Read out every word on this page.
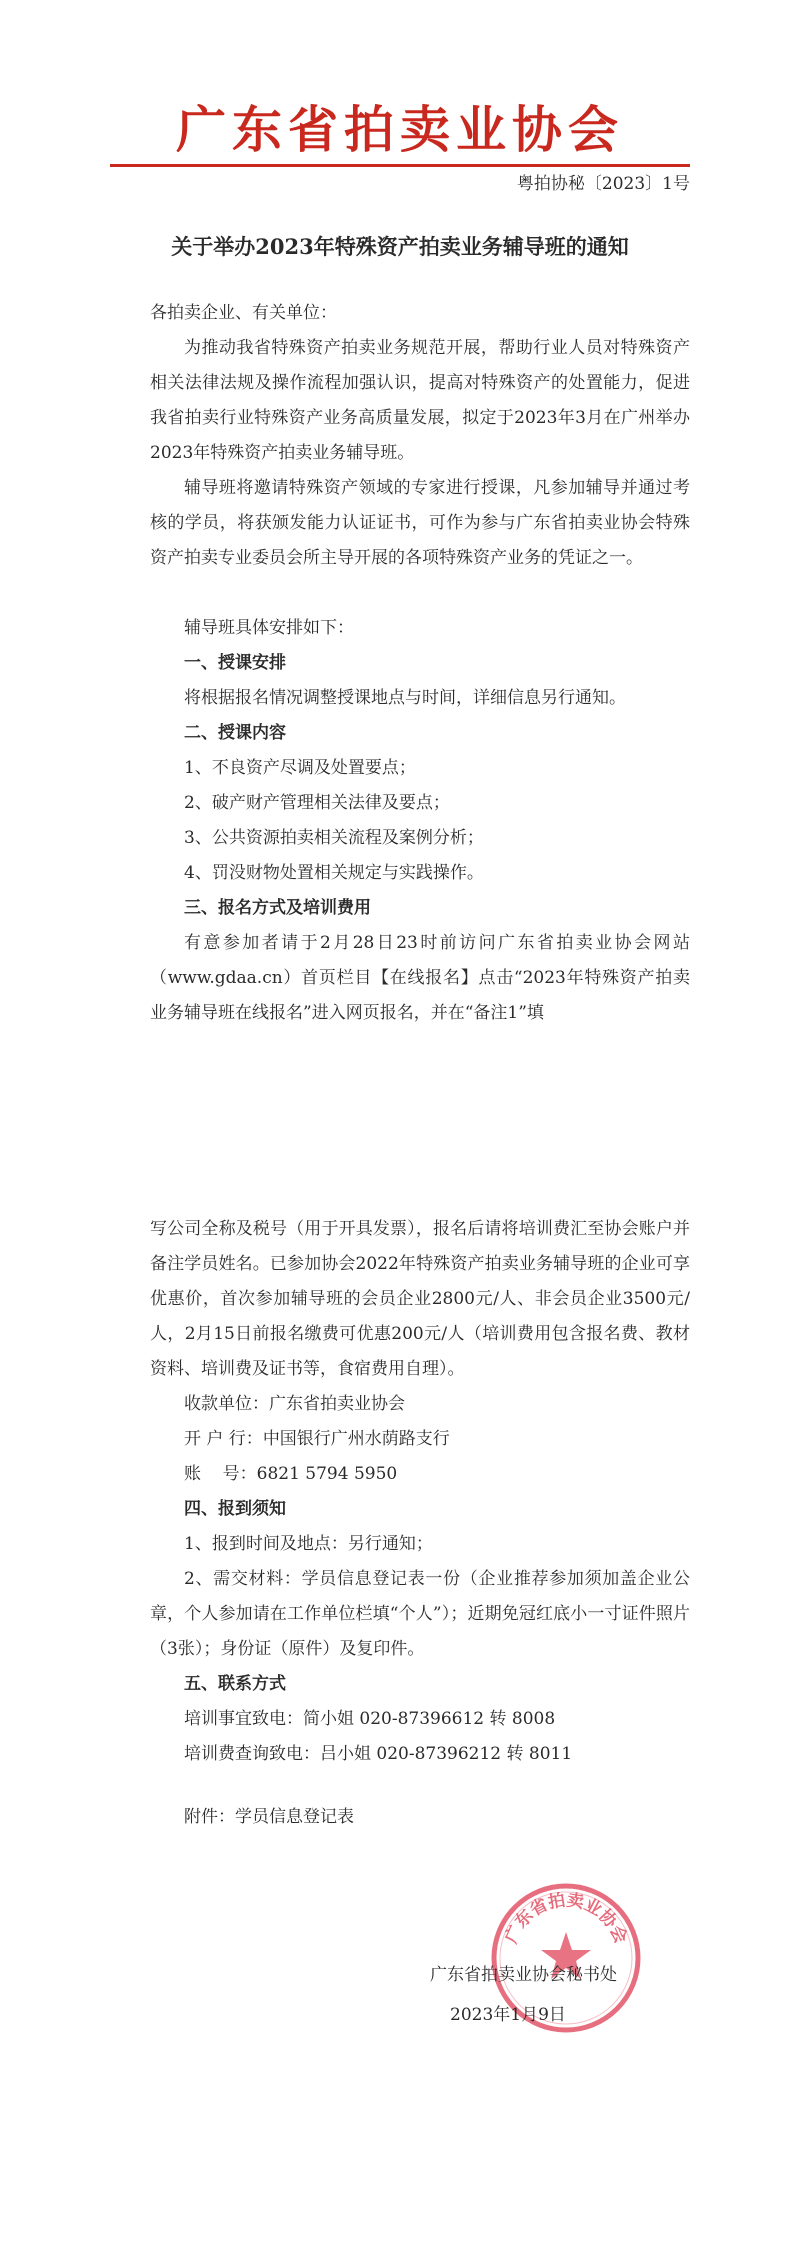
广东省拍卖业协会
粤拍协秘〔2023〕1号
关于举办2023年特殊资产拍卖业务辅导班的通知
各拍卖企业、有关单位：
为推动我省特殊资产拍卖业务规范开展，帮助行业人员对特殊资产相关法律法规及操作流程加强认识，提高对特殊资产的处置能力，促进我省拍卖行业特殊资产业务高质量发展，拟定于2023年3月在广州举办2023年特殊资产拍卖业务辅导班。
辅导班将邀请特殊资产领域的专家进行授课，凡参加辅导并通过考核的学员，将获颁发能力认证证书，可作为参与广东省拍卖业协会特殊资产拍卖专业委员会所主导开展的各项特殊资产业务的凭证之一。
辅导班具体安排如下：
一、授课安排
将根据报名情况调整授课地点与时间，详细信息另行通知。
二、授课内容
1、不良资产尽调及处置要点；
2、破产财产管理相关法律及要点；
3、公共资源拍卖相关流程及案例分析；
4、罚没财物处置相关规定与实践操作。
三、报名方式及培训费用
有意参加者请于2月28日23时前访问广东省拍卖业协会网站（www.gdaa.cn）首页栏目【在线报名】点击“2023年特殊资产拍卖业务辅导班在线报名”进入网页报名，并在“备注1”填
写公司全称及税号（用于开具发票），报名后请将培训费汇至协会账户并备注学员姓名。已参加协会2022年特殊资产拍卖业务辅导班的企业可享优惠价，首次参加辅导班的会员企业2800元/人、非会员企业3500元/人，2月15日前报名缴费可优惠200元/人（培训费用包含报名费、教材资料、培训费及证书等，食宿费用自理）。
收款单位：广东省拍卖业协会
开 户 行：中国银行广州水荫路支行
账    号：6821 5794 5950
四、报到须知
1、报到时间及地点：另行通知；
2、需交材料：学员信息登记表一份（企业推荐参加须加盖企业公章，个人参加请在工作单位栏填“个人”）；近期免冠红底小一寸证件照片（3张）；身份证（原件）及复印件。
五、联系方式
培训事宜致电：简小姐 020-87396612 转 8008
培训费查询致电：吕小姐 020-87396212 转 8011
附件：学员信息登记表
广东省拍卖业协会
广东省拍卖业协会秘书处
2023年1月9日
